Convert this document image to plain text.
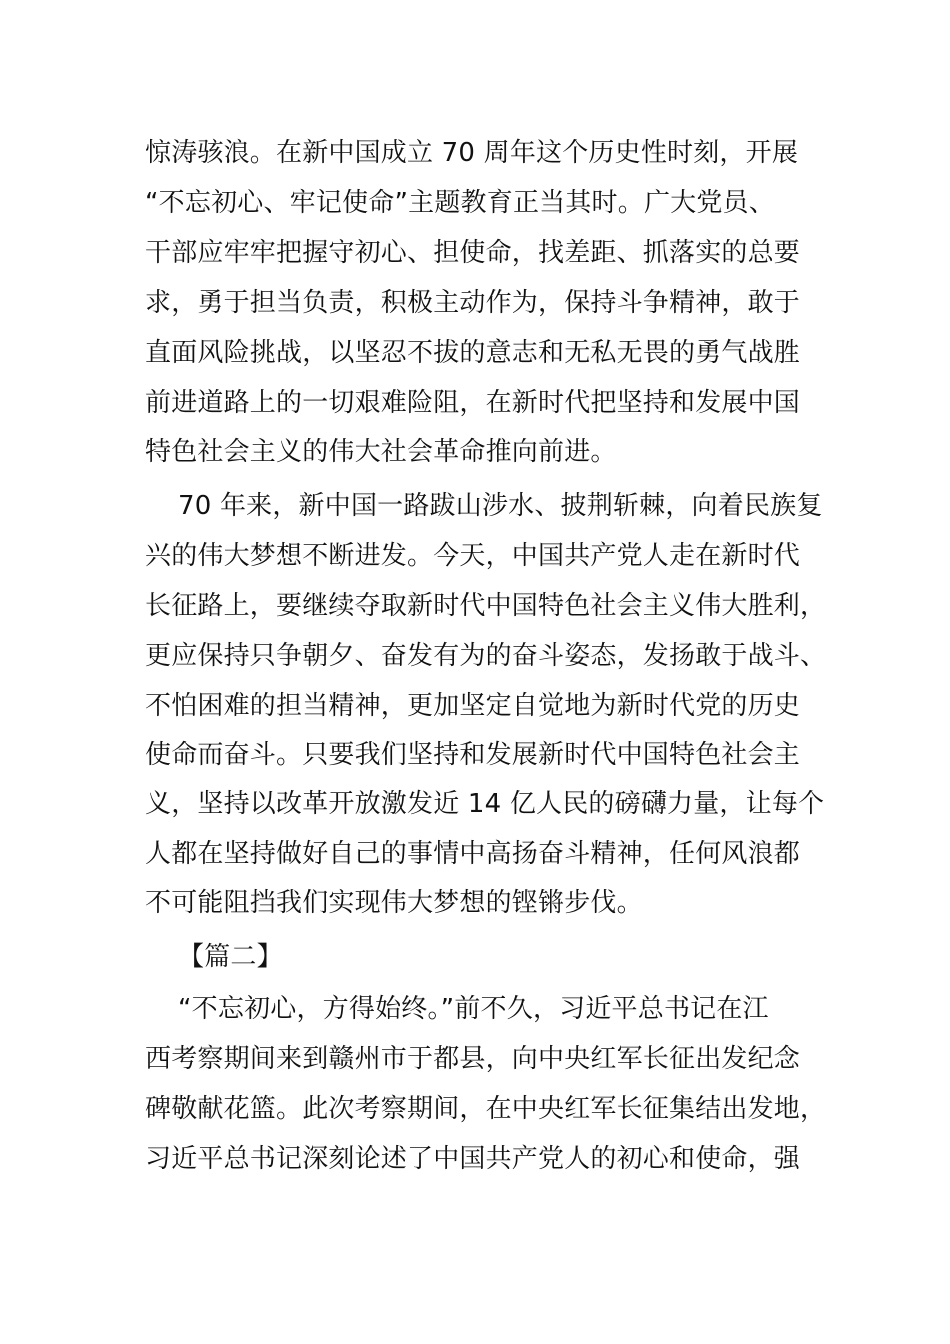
惊涛骇浪。在新中国成立 70 周年这个历史性时刻，开展
“不忘初心、牢记使命”主题教育正当其时。广大党员、
干部应牢牢把握守初心、担使命，找差距、抓落实的总要
求，勇于担当负责，积极主动作为，保持斗争精神，敢于
直面风险挑战，以坚忍不拔的意志和无私无畏的勇气战胜
前进道路上的一切艰难险阻，在新时代把坚持和发展中国
特色社会主义的伟大社会革命推向前进。
70 年来，新中国一路跋山涉水、披荆斩棘，向着民族复
兴的伟大梦想不断进发。今天，中国共产党人走在新时代
长征路上，要继续夺取新时代中国特色社会主义伟大胜利，
更应保持只争朝夕、奋发有为的奋斗姿态，发扬敢于战斗、
不怕困难的担当精神，更加坚定自觉地为新时代党的历史
使命而奋斗。只要我们坚持和发展新时代中国特色社会主
义，坚持以改革开放激发近 14 亿人民的磅礴力量，让每个
人都在坚持做好自己的事情中高扬奋斗精神，任何风浪都
不可能阻挡我们实现伟大梦想的铿锵步伐。
【篇二】
“不忘初心，方得始终。”前不久，习近平总书记在江
西考察期间来到赣州市于都县，向中央红军长征出发纪念
碑敬献花篮。此次考察期间，在中央红军长征集结出发地，
习近平总书记深刻论述了中国共产党人的初心和使命，强
